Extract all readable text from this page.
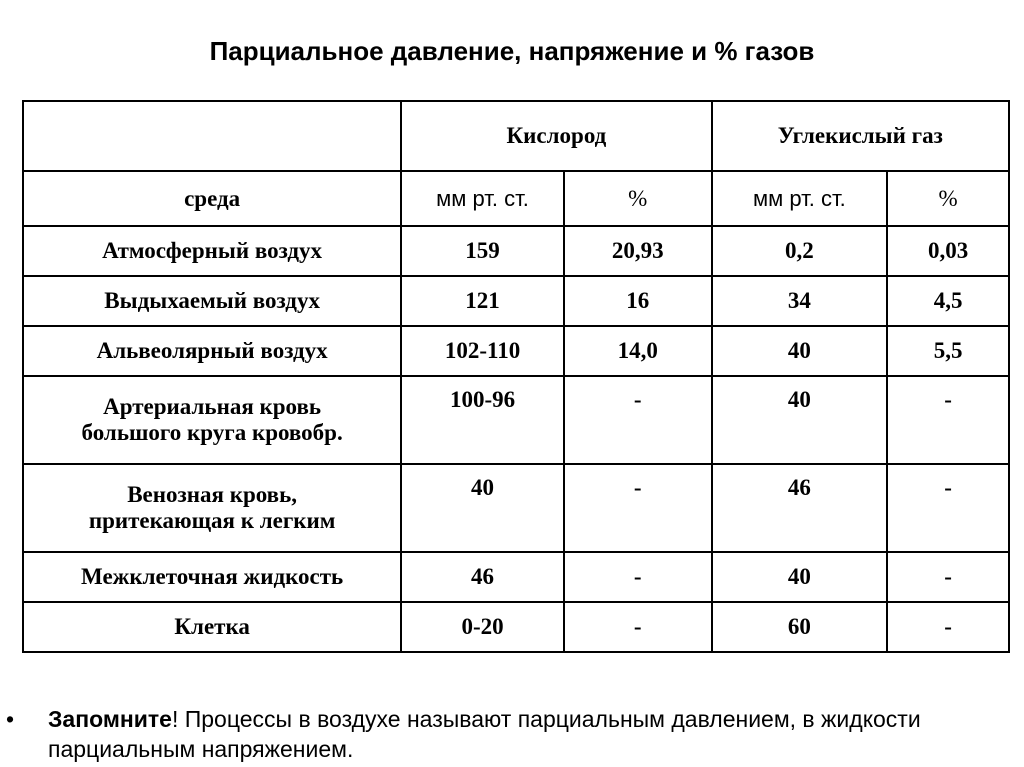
Парциальное давление, напряжение и % газов
	Кислород		Углекислый газ	
среда	мм рт. ст.	%	мм рт. ст.	%
Атмосферный воздух	159	20,93	0,2	0,03
Выдыхаемый воздух	121	16	34	4,5
Альвеолярный воздух	102-110	14,0	40	5,5
Артериальная кровь
большого круга кровобр.	100-96	-	40	-
Венозная кровь,
притекающая к легким	40	-	46	-
Межклеточная жидкость	46	-	40	-
Клетка	0-20	-	60	-
• Запомните! Процессы в воздухе называют парциальным давлением, в жидкости парциальным напряжением.
